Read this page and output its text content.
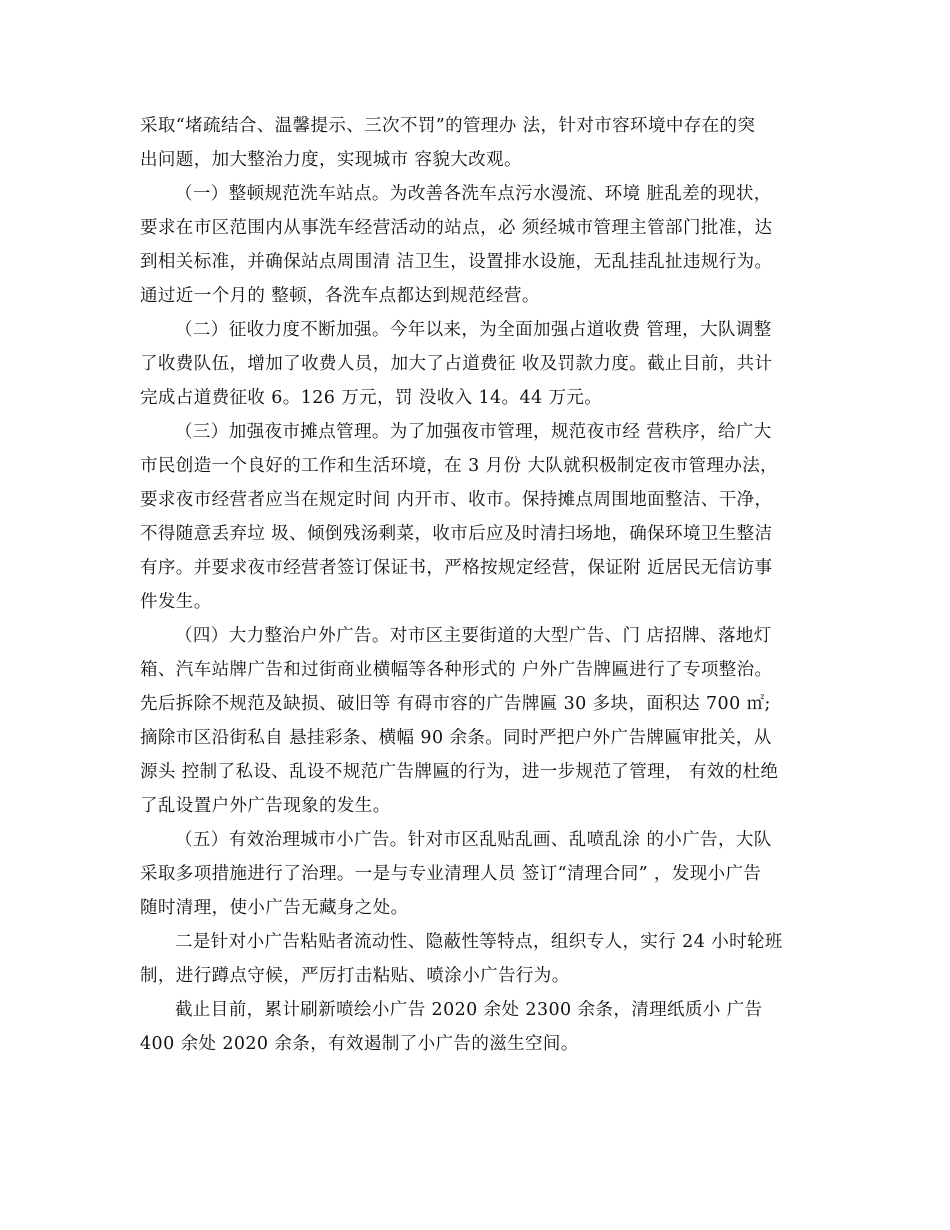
采取“堵疏结合、温馨提示、三次不罚”的管理办 法，针对市容环境中存在的突
出问题，加大整治力度，实现城市 容貌大改观。
（一）整顿规范洗车站点。为改善各洗车点污水漫流、环境 脏乱差的现状，
要求在市区范围内从事洗车经营活动的站点，必 须经城市管理主管部门批准，达
到相关标准，并确保站点周围清 洁卫生，设置排水设施，无乱挂乱扯违规行为。
通过近一个月的 整顿，各洗车点都达到规范经营。
（二）征收力度不断加强。今年以来，为全面加强占道收费 管理，大队调整
了收费队伍，增加了收费人员，加大了占道费征 收及罚款力度。截止目前，共计
完成占道费征收 6。126 万元，罚 没收入 14。44 万元。
（三）加强夜市摊点管理。为了加强夜市管理，规范夜市经 营秩序，给广大
市民创造一个良好的工作和生活环境，在 3 月份 大队就积极制定夜市管理办法，
要求夜市经营者应当在规定时间 内开市、收市。保持摊点周围地面整洁、干净，
不得随意丢弃垃 圾、倾倒残汤剩菜，收市后应及时清扫场地，确保环境卫生整洁
有序。并要求夜市经营者签订保证书，严格按规定经营，保证附 近居民无信访事
件发生。
（四）大力整治户外广告。对市区主要街道的大型广告、门 店招牌、落地灯
箱、汽车站牌广告和过街商业横幅等各种形式的 户外广告牌匾进行了专项整治。
先后拆除不规范及缺损、破旧等 有碍市容的广告牌匾 30 多块，面积达 700 ㎡;
摘除市区沿街私自 悬挂彩条、横幅 90 余条。同时严把户外广告牌匾审批关，从
源头 控制了私设、乱设不规范广告牌匾的行为，进一步规范了管理， 有效的杜绝
了乱设置户外广告现象的发生。
（五）有效治理城市小广告。针对市区乱贴乱画、乱喷乱涂 的小广告，大队
采取多项措施进行了治理。一是与专业清理人员 签订“清理合同” ，发现小广告
随时清理，使小广告无藏身之处。
二是针对小广告粘贴者流动性、隐蔽性等特点，组织专人，实行 24 小时轮班
制，进行蹲点守候，严厉打击粘贴、喷涂小广告行为。
截止目前，累计刷新喷绘小广告 2020 余处 2300 余条，清理纸质小 广告
400 余处 2020 余条，有效遏制了小广告的滋生空间。
